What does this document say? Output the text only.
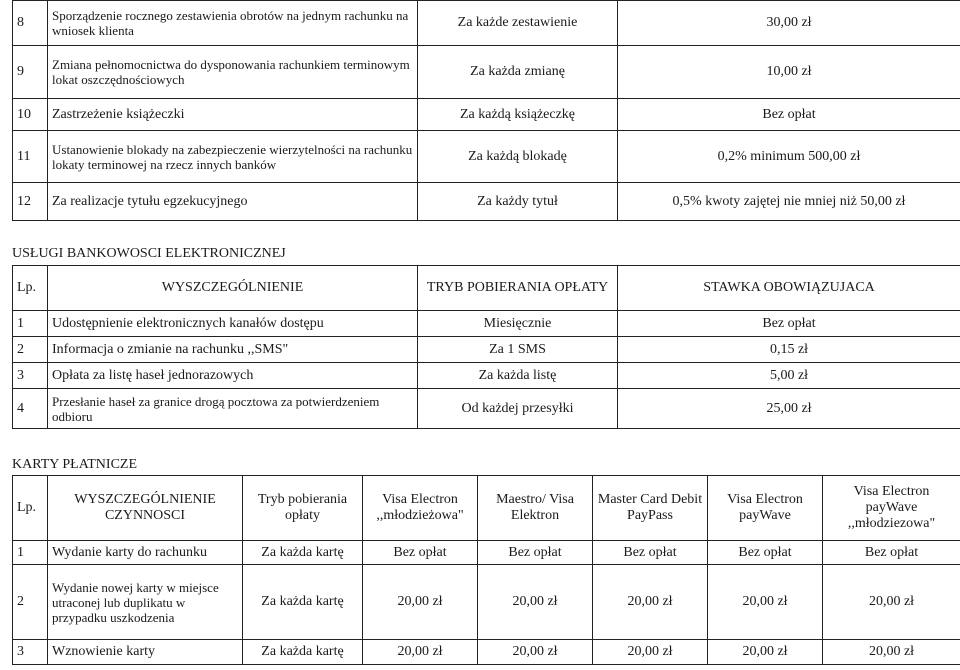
8	Sporządzenie rocznego zestawienia obrotów na jednym rachunku na wniosek klienta	Za każde zestawienie	30,00 zł
9	Zmiana pełnomocnictwa do dysponowania rachunkiem terminowym lokat oszczędnościowych	Za każda zmianę	10,00 zł
10	Zastrzeżenie książeczki	Za każdą książeczkę	Bez opłat
11	Ustanowienie blokady na zabezpieczenie wierzytelności na rachunku lokaty terminowej na rzecz innych banków	Za każdą blokadę	0,2% minimum 500,00 zł
12	Za realizacje tytułu egzekucyjnego	Za każdy tytuł	0,5% kwoty zajętej nie mniej niż 50,00 zł
USŁUGI BANKOWOSCI ELEKTRONICZNEJ
Lp.	WYSZCZEGÓLNIENIE	TRYB POBIERANIA OPŁATY	STAWKA OBOWIĄZUJACA
1	Udostępnienie elektronicznych kanałów dostępu	Miesięcznie	Bez opłat
2	Informacja o zmianie na rachunku ,,SMS"	Za 1 SMS	0,15 zł
3	Opłata za listę haseł jednorazowych	Za każda listę	5,00 zł
4	Przesłanie haseł za granice drogą pocztowa za potwierdzeniem odbioru	Od każdej przesyłki	25,00 zł
KARTY PŁATNICZE
Lp.	WYSZCZEGÓLNIENIE CZYNNOSCI	Tryb pobierania opłaty	Visa Electron ,,młodzieżowa"	Maestro/ Visa Elektron	Master Card Debit PayPass	Visa Electron payWave	Visa Electron payWave ,,młodziezowa"
1	Wydanie karty do rachunku	Za każda kartę	Bez opłat	Bez opłat	Bez opłat	Bez opłat	Bez opłat
2	Wydanie nowej karty w miejsce utraconej lub duplikatu w przypadku uszkodzenia	Za każda kartę	20,00 zł	20,00 zł	20,00 zł	20,00 zł	20,00 zł
3	Wznowienie karty	Za każda kartę	20,00 zł	20,00 zł	20,00 zł	20,00 zł	20,00 zł
